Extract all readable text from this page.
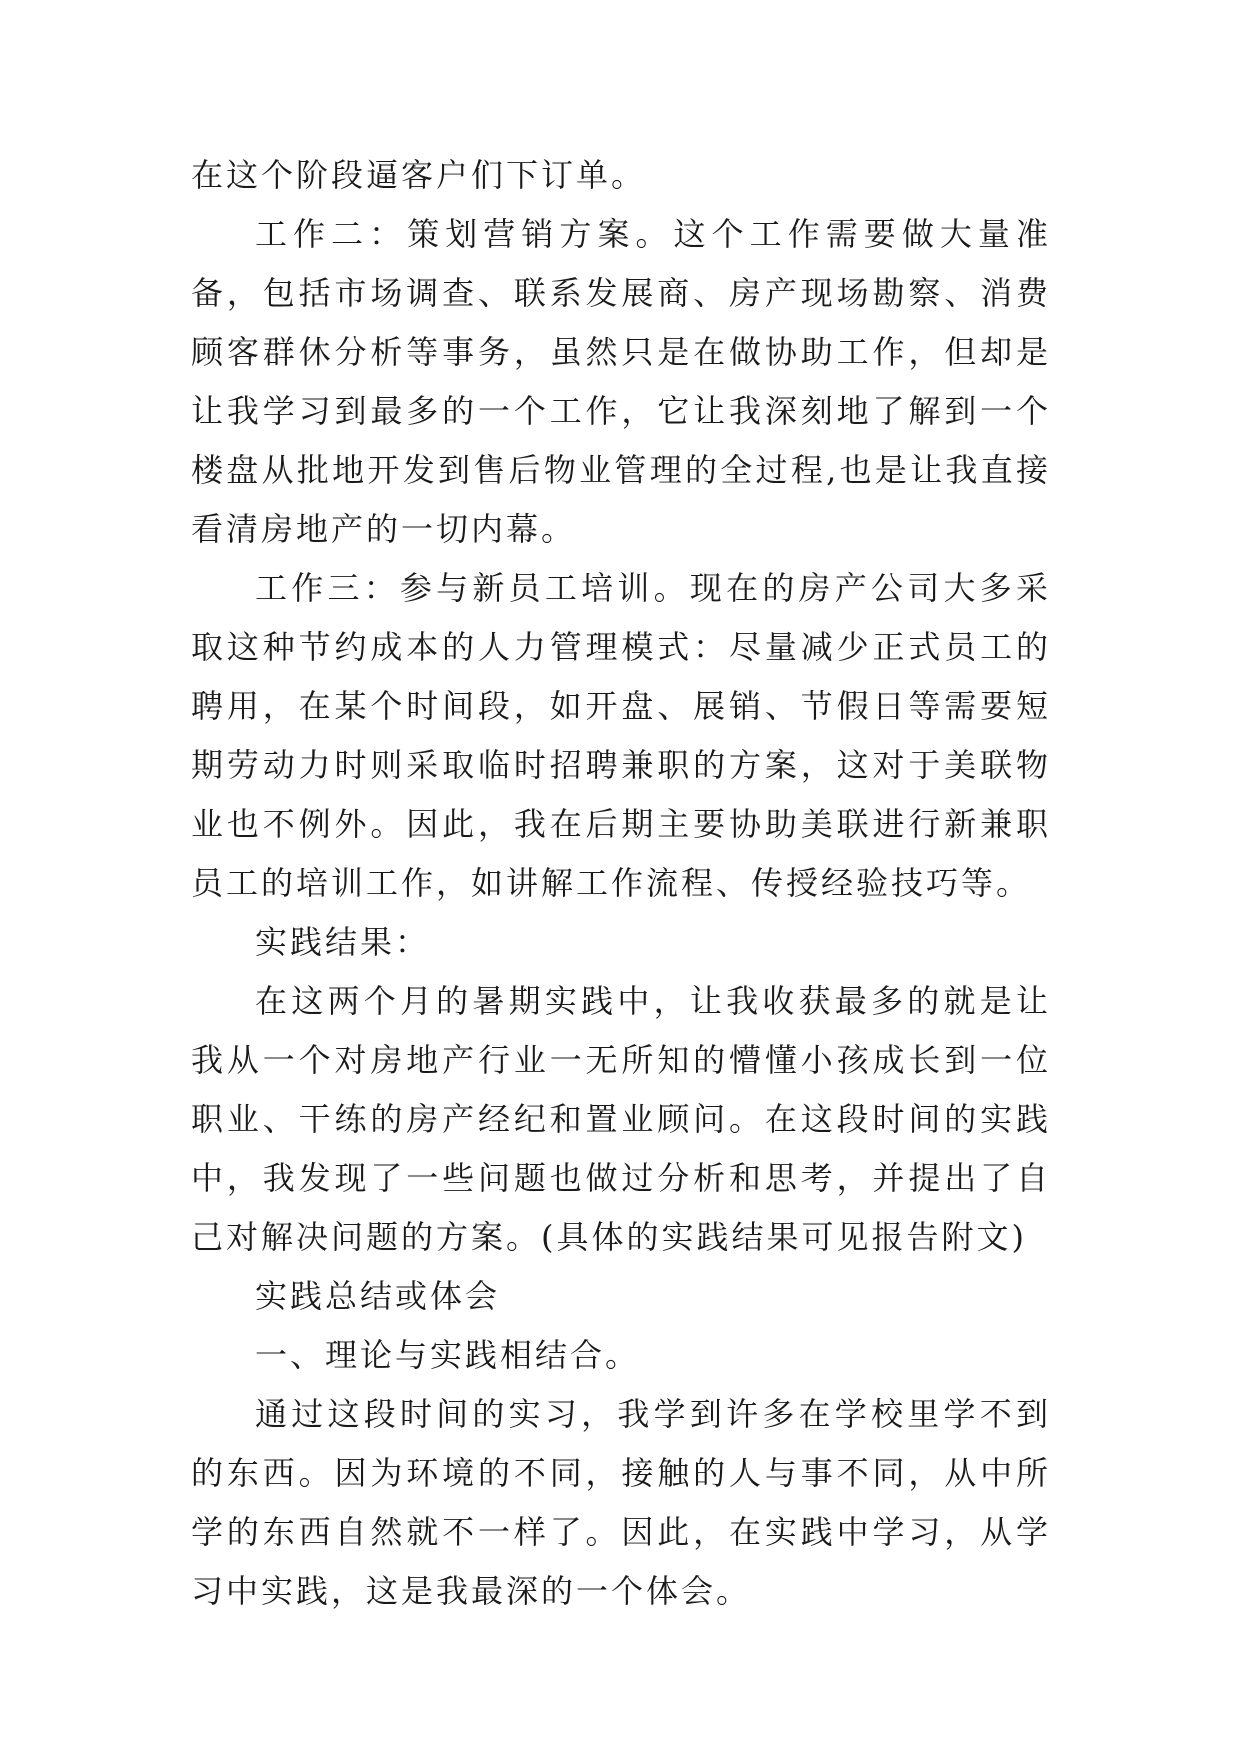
在这个阶段逼客户们下订单。

工作二：策划营销方案。这个工作需要做大量准备，包括市场调查、联系发展商、房产现场勘察、消费顾客群休分析等事务，虽然只是在做协助工作，但却是让我学习到最多的一个工作，它让我深刻地了解到一个楼盘从批地开发到售后物业管理的全过程,也是让我直接看清房地产的一切内幕。

工作三：参与新员工培训。现在的房产公司大多采取这种节约成本的人力管理模式：尽量减少正式员工的聘用，在某个时间段，如开盘、展销、节假日等需要短期劳动力时则采取临时招聘兼职的方案，这对于美联物业也不例外。因此，我在后期主要协助美联进行新兼职员工的培训工作，如讲解工作流程、传授经验技巧等。

实践结果：

在这两个月的暑期实践中，让我收获最多的就是让我从一个对房地产行业一无所知的懵懂小孩成长到一位职业、干练的房产经纪和置业顾问。在这段时间的实践中，我发现了一些问题也做过分析和思考，并提出了自己对解决问题的方案。(具体的实践结果可见报告附文)

实践总结或体会

一、理论与实践相结合。

通过这段时间的实习，我学到许多在学校里学不到的东西。因为环境的不同，接触的人与事不同，从中所学的东西自然就不一样了。因此，在实践中学习，从学习中实践，这是我最深的一个体会。
